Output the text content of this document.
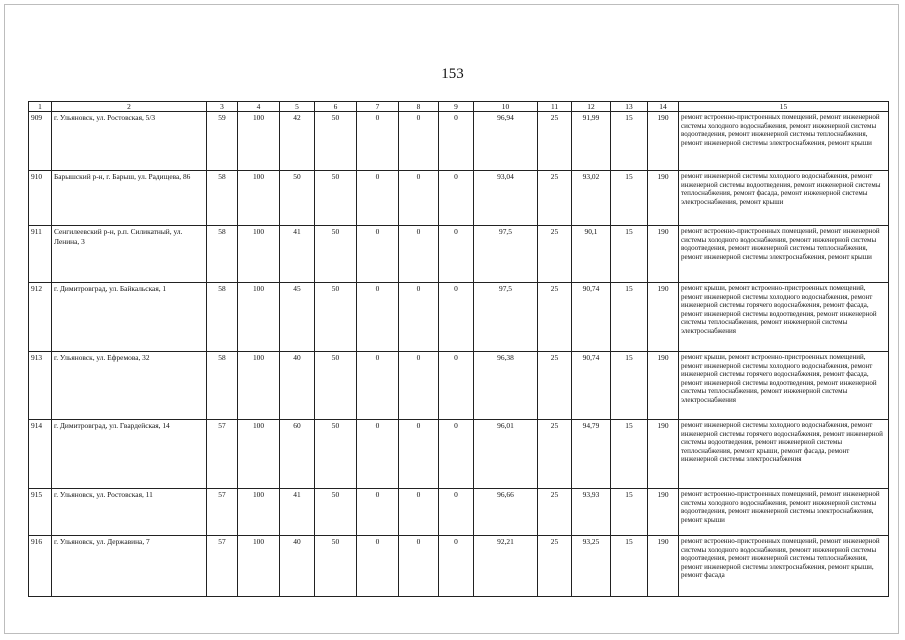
153
1	2	3	4	5	6	7	8	9	10	11	12	13	14	15
909	г. Ульяновск, ул. Ростовская, 5/3	59	100	42	50	0	0	0	96,94	25	91,99	15	190	ремонт встроенно-пристроенных помещений, ремонт инженерной системы холодного водоснабжения, ремонт инженерной системы водоотведения, ремонт инженерной системы теплоснабжения, ремонт инженерной системы электроснабжения, ремонт крыши
910	Барышский р-н, г. Барыш, ул. Радищева, 86	58	100	50	50	0	0	0	93,04	25	93,02	15	190	ремонт инженерной системы холодного водоснабжения, ремонт инженерной системы водоотведения, ремонт инженерной системы теплоснабжения, ремонт фасада, ремонт инженерной системы электроснабжения, ремонт крыши
911	Сенгилеевский р-н, р.п. Силикатный, ул. Ленина, 3	58	100	41	50	0	0	0	97,5	25	90,1	15	190	ремонт встроенно-пристроенных помещений, ремонт инженерной системы холодного водоснабжения, ремонт инженерной системы водоотведения, ремонт инженерной системы теплоснабжения, ремонт инженерной системы электроснабжения, ремонт крыши
912	г. Димитровград, ул. Байкальская, 1	58	100	45	50	0	0	0	97,5	25	90,74	15	190	ремонт крыши, ремонт встроенно-пристроенных помещений, ремонт инженерной системы холодного водоснабжения, ремонт инженерной системы горячего водоснабжения, ремонт фасада, ремонт инженерной системы водоотведения, ремонт инженерной системы теплоснабжения, ремонт инженерной системы электроснабжения
913	г. Ульяновск, ул. Ефремова, 32	58	100	40	50	0	0	0	96,38	25	90,74	15	190	ремонт крыши, ремонт встроенно-пристроенных помещений, ремонт инженерной системы холодного водоснабжения, ремонт инженерной системы горячего водоснабжения, ремонт фасада, ремонт инженерной системы водоотведения, ремонт инженерной системы теплоснабжения, ремонт инженерной системы электроснабжения
914	г. Димитровград, ул. Гвардейская, 14	57	100	60	50	0	0	0	96,01	25	94,79	15	190	ремонт инженерной системы холодного водоснабжения, ремонт инженерной системы горячего водоснабжения, ремонт инженерной системы водоотведения, ремонт инженерной системы теплоснабжения, ремонт крыши, ремонт фасада, ремонт инженерной системы электроснабжения
915	г. Ульяновск, ул. Ростовская, 11	57	100	41	50	0	0	0	96,66	25	93,93	15	190	ремонт встроенно-пристроенных помещений, ремонт инженерной системы холодного водоснабжения, ремонт инженерной системы водоотведения, ремонт инженерной системы электроснабжения, ремонт крыши
916	г. Ульяновск, ул. Державина, 7	57	100	40	50	0	0	0	92,21	25	93,25	15	190	ремонт встроенно-пристроенных помещений, ремонт инженерной системы холодного водоснабжения, ремонт инженерной системы водоотведения, ремонт инженерной системы теплоснабжения, ремонт инженерной системы электроснабжения, ремонт крыши, ремонт фасада
